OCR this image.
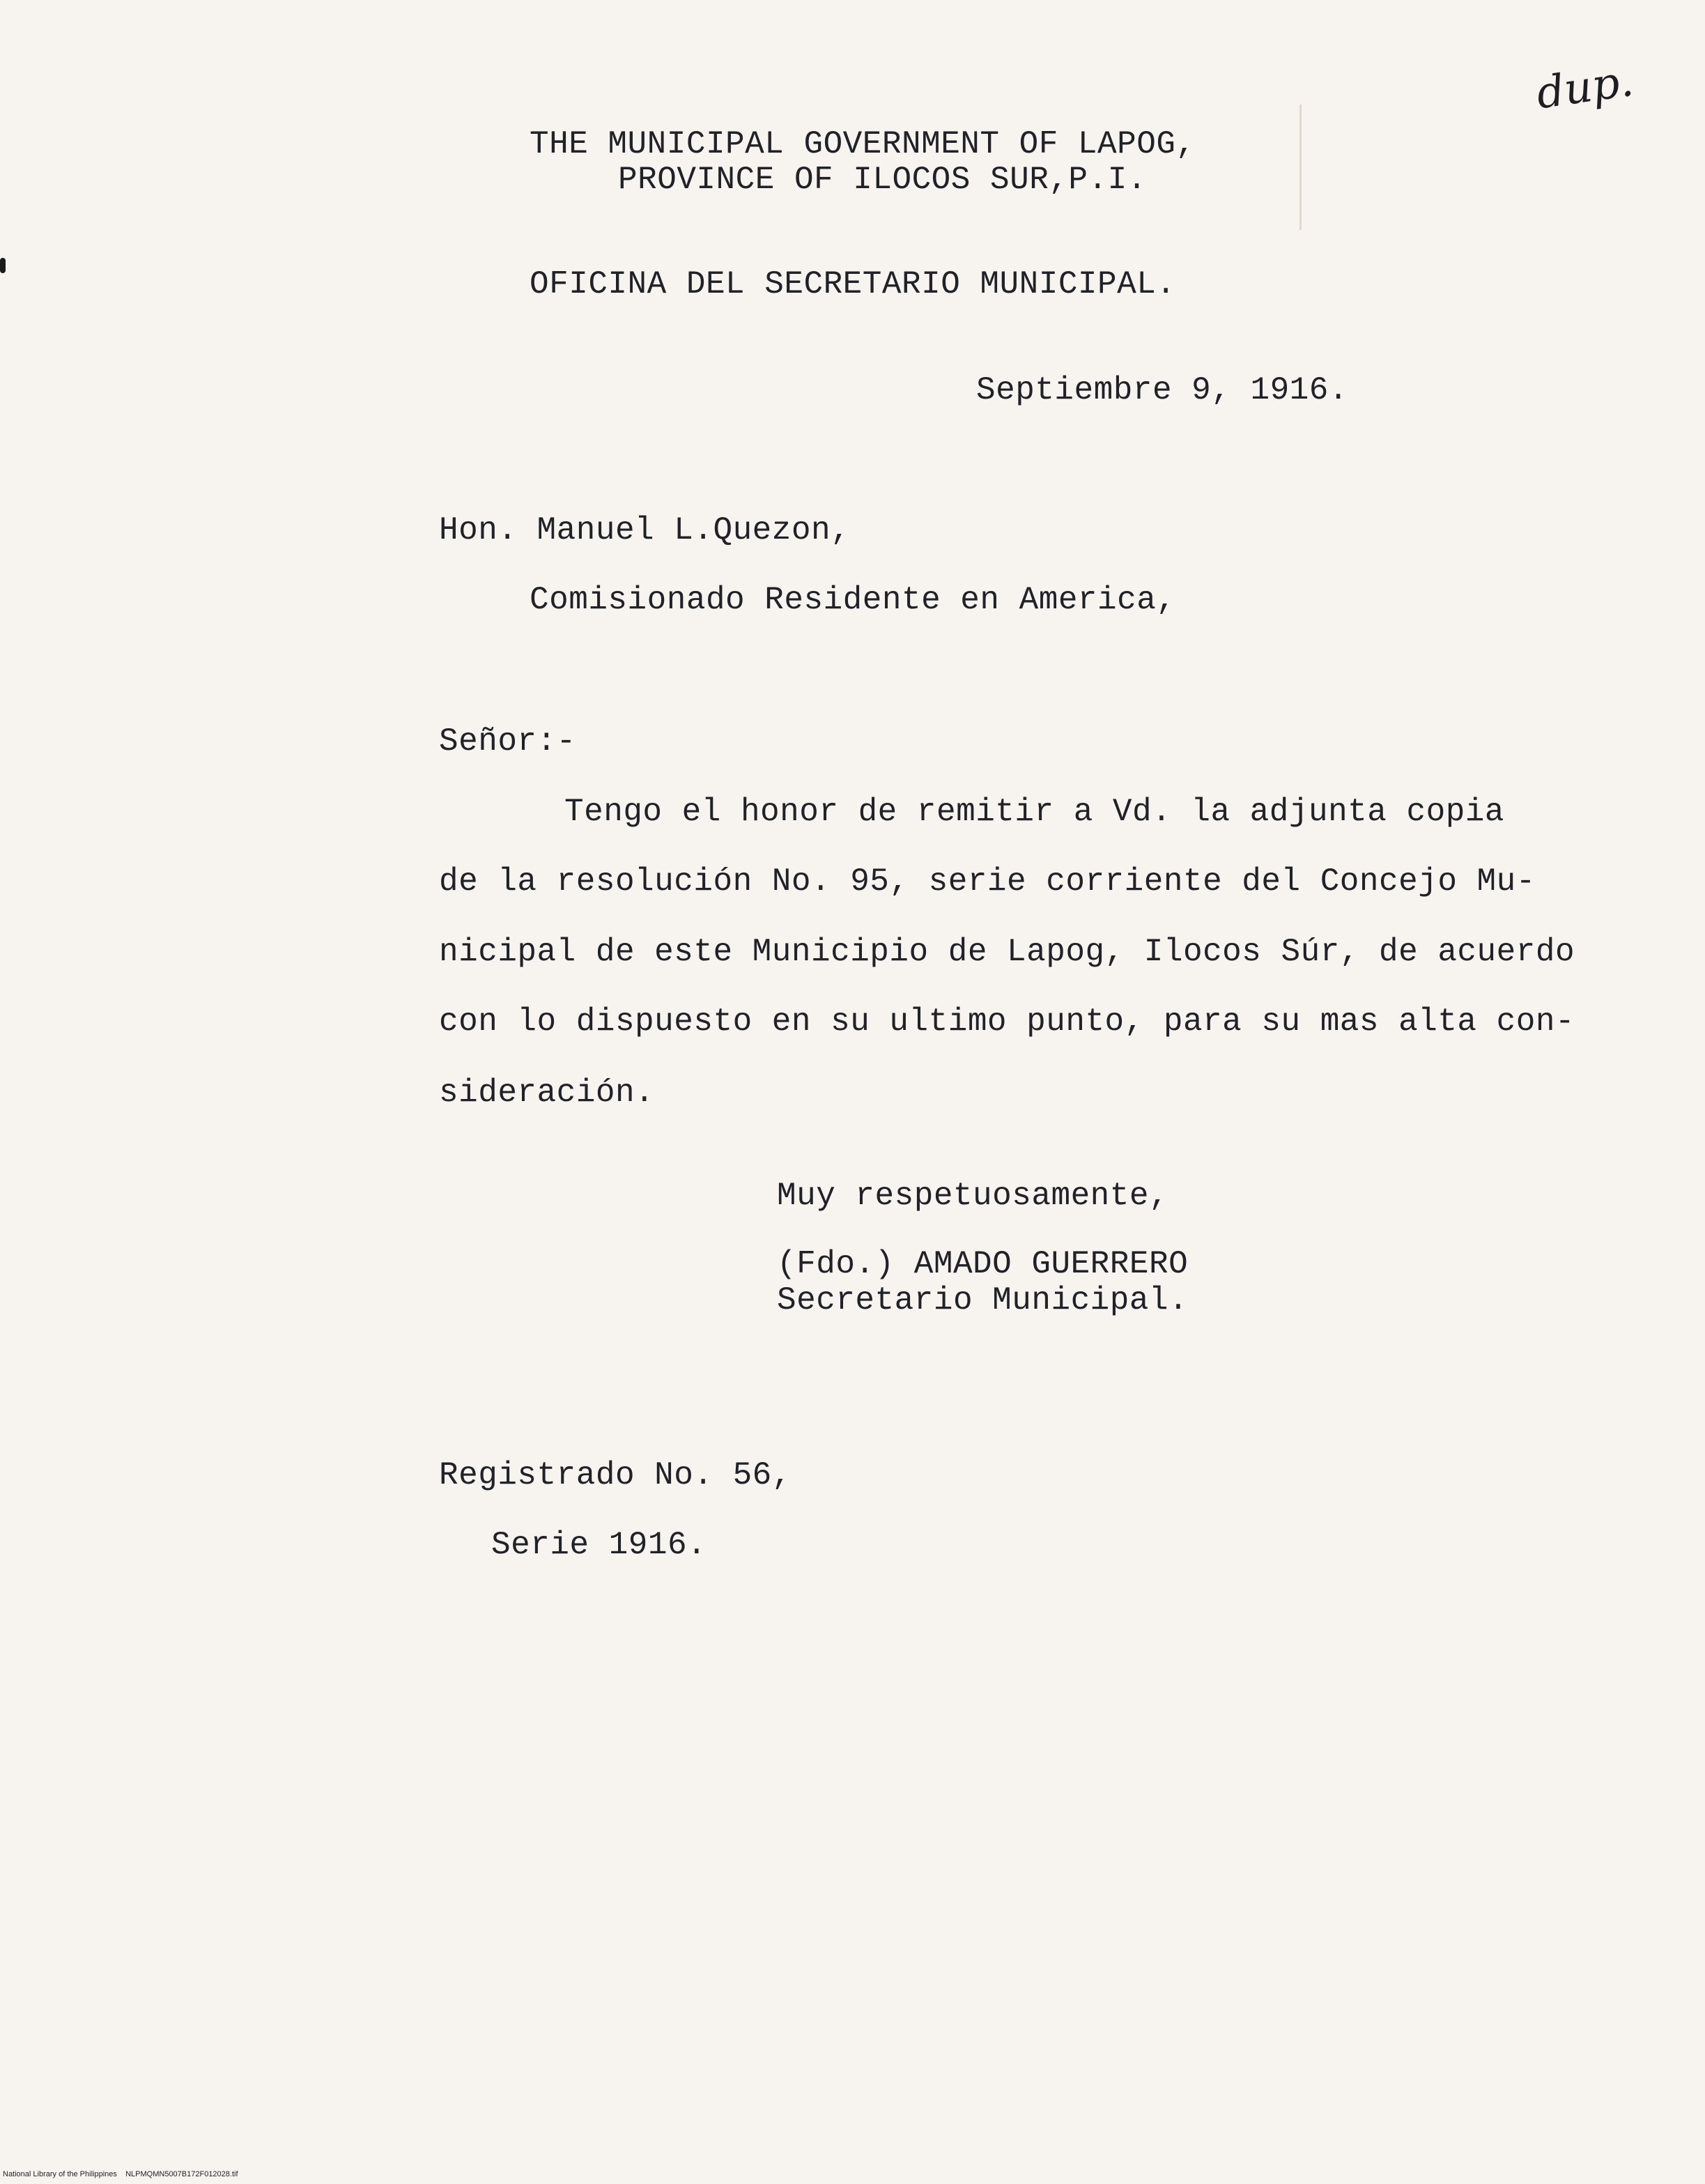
dup.
THE MUNICIPAL GOVERNMENT OF LAPOG,
PROVINCE OF ILOCOS SUR,P.I.
OFICINA DEL SECRETARIO MUNICIPAL.
Septiembre 9, 1916.
Hon. Manuel L.Quezon,
Comisionado Residente en America,
Señor:-
Tengo el honor de remitir a Vd. la adjunta copia
de la resolución No. 95, serie corriente del Concejo Mu-
nicipal de este Municipio de Lapog, Ilocos Súr, de acuerdo
con lo dispuesto en su ultimo punto, para su mas alta con-
sideración.
Muy respetuosamente,
(Fdo.) AMADO GUERRERO
Secretario Municipal.
Registrado No. 56,
Serie 1916.
National Library of the Philippines    NLPMQMN5007B172F012028.tif
